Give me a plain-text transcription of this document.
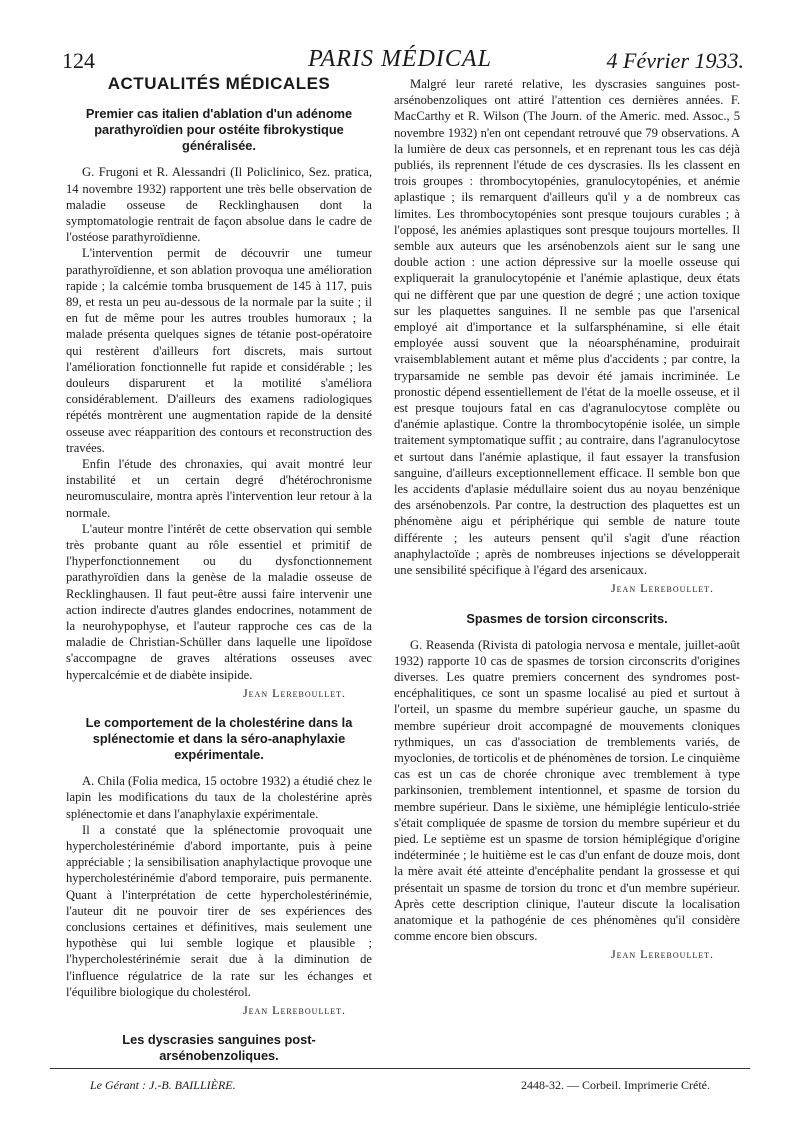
124	PARIS MÉDICAL	4 Février 1933.
ACTUALITÉS MÉDICALES
Premier cas italien d'ablation d'un adénome parathyroïdien pour ostéite fibrokystique généralisée.

G. Frugoni et R. Alessandri (Il Policlinico, Sez. pratica, 14 novembre 1932) rapportent une très belle observation de maladie osseuse de Recklinghausen dont la symptomatologie rentrait de façon absolue dans le cadre de l'ostéose parathyroïdienne.

L'intervention permit de découvrir une tumeur parathyroïdienne, et son ablation provoqua une amélioration rapide ; la calcémie tomba brusquement de 145 à 117, puis 89, et resta un peu au-dessous de la normale par la suite ; il en fut de même pour les autres troubles humoraux ; la malade présenta quelques signes de tétanie post-opératoire qui restèrent d'ailleurs fort discrets, mais surtout l'amélioration fonctionnelle fut rapide et considérable ; les douleurs disparurent et la motilité s'améliora considérablement. D'ailleurs des examens radiologiques répétés montrèrent une augmentation rapide de la densité osseuse avec réapparition des contours et reconstruction des travées.

Enfin l'étude des chronaxies, qui avait montré leur instabilité et un certain degré d'hétérochronisme neuromusculaire, montra après l'intervention leur retour à la normale.

L'auteur montre l'intérêt de cette observation qui semble très probante quant au rôle essentiel et primitif de l'hyperfonctionnement ou du dysfonctionnement parathyroïdien dans la genèse de la maladie osseuse de Recklinghausen. Il faut peut-être aussi faire intervenir une action indirecte d'autres glandes endocrines, notamment de la neurohypophyse, et l'auteur rapproche ces cas de la maladie de Christian-Schüller dans laquelle une lipoïdose s'accompagne de graves altérations osseuses avec hypercalcémie et de diabète insipide.

Jean Lereboullet.
Le comportement de la cholestérine dans la splénectomie et dans la séro-anaphylaxie expérimentale.

A. Chila (Folia medica, 15 octobre 1932) a étudié chez le lapin les modifications du taux de la cholestérine après splénectomie et dans l'anaphylaxie expérimentale.

Il a constaté que la splénectomie provoquait une hypercholestérinémie d'abord importante, puis à peine appréciable ; la sensibilisation anaphylactique provoque une hypercholestérinémie d'abord temporaire, puis permanente. Quant à l'interprétation de cette hypercholestérinémie, l'auteur dit ne pouvoir tirer de ses expériences des conclusions certaines et définitives, mais seulement une hypothèse qui lui semble logique et plausible ; l'hypercholestérinémie serait due à la diminution de l'influence régulatrice de la rate sur les échanges et l'équilibre biologique du cholestérol.

Jean Lereboullet.
Les dyscrasies sanguines post-arsénobenzoliques.

Malgré leur rareté relative, les dyscrasies sanguines post-arsénobenzoliques ont attiré l'attention ces dernières années. F. MacCarthy et R. Wilson (The Journ. of the Americ. med. Assoc., 5 novembre 1932) n'en ont cependant retrouvé que 79 observations. A la lumière de deux cas personnels, et en reprenant tous les cas déjà publiés, ils reprennent l'étude de ces dyscrasies. Ils les classent en trois groupes : thrombocytopénies, granulocytopénies, et anémie aplastique ; ils remarquent d'ailleurs qu'il y a de nombreux cas limites. Les thrombocytopénies sont presque toujours curables ; à l'opposé, les anémies aplastiques sont presque toujours mortelles. Il semble aux auteurs que les arsénobenzols aient sur le sang une double action : une action dépressive sur la moelle osseuse qui expliquerait la granulocytopénie et l'anémie aplastique, deux états qui ne diffèrent que par une question de degré ; une action toxique sur les plaquettes sanguines. Il ne semble pas que l'arsenical employé ait d'importance et la sulfarsphénamine, si elle était employée aussi souvent que la néoarsphénamine, produirait vraisemblablement autant et même plus d'accidents ; par contre, la tryparsamide ne semble pas devoir été jamais incriminée. Le pronostic dépend essentiellement de l'état de la moelle osseuse, et il est presque toujours fatal en cas d'agranulocytose complète ou d'anémie aplastique. Contre la thrombocytopénie isolée, un simple traitement symptomatique suffit ; au contraire, dans l'agranulocytose et surtout dans l'anémie aplastique, il faut essayer la transfusion sanguine, d'ailleurs exceptionnellement efficace. Il semble bon que les accidents d'aplasie médullaire soient dus au noyau benzénique des arsénobenzols. Par contre, la destruction des plaquettes est un phénomène aigu et périphérique qui semble de nature toute différente ; les auteurs pensent qu'il s'agit d'une réaction anaphylactoïde ; après de nombreuses injections se développerait une sensibilité spécifique à l'égard des arsenicaux.

Jean Lereboullet.
Spasmes de torsion circonscrits.

G. Reasenda (Rivista di patologia nervosa e mentale, juillet-août 1932) rapporte 10 cas de spasmes de torsion circonscrits d'origines diverses. Les quatre premiers concernent des syndromes post-encéphalitiques, ce sont un spasme localisé au pied et surtout à l'orteil, un spasme du membre supérieur gauche, un spasme du membre supérieur droit accompagné de mouvements cloniques rythmiques, un cas d'association de tremblements variés, de myoclonies, de torticolis et de phénomènes de torsion. Le cinquième cas est un cas de chorée chronique avec tremblement à type parkinsonien, tremblement intentionnel, et spasme de torsion du membre supérieur. Dans le sixième, une hémiplégie lenticulo-striée s'était compliquée de spasme de torsion du membre supérieur et du pied. Le septième est un spasme de torsion hémiplégique d'origine indéterminée ; le huitième est le cas d'un enfant de douze mois, dont la mère avait été atteinte d'encéphalite pendant la grossesse et qui présentait un spasme de torsion du tronc et d'un membre supérieur. Après cette description clinique, l'auteur discute la localisation anatomique et la pathogénie de ces phénomènes qu'il considère comme encore bien obscurs.

Jean Lereboullet.
Le Gérant : J.-B. BAILLIÈRE.	2448-32. — Corbeil. Imprimerie Crété.
